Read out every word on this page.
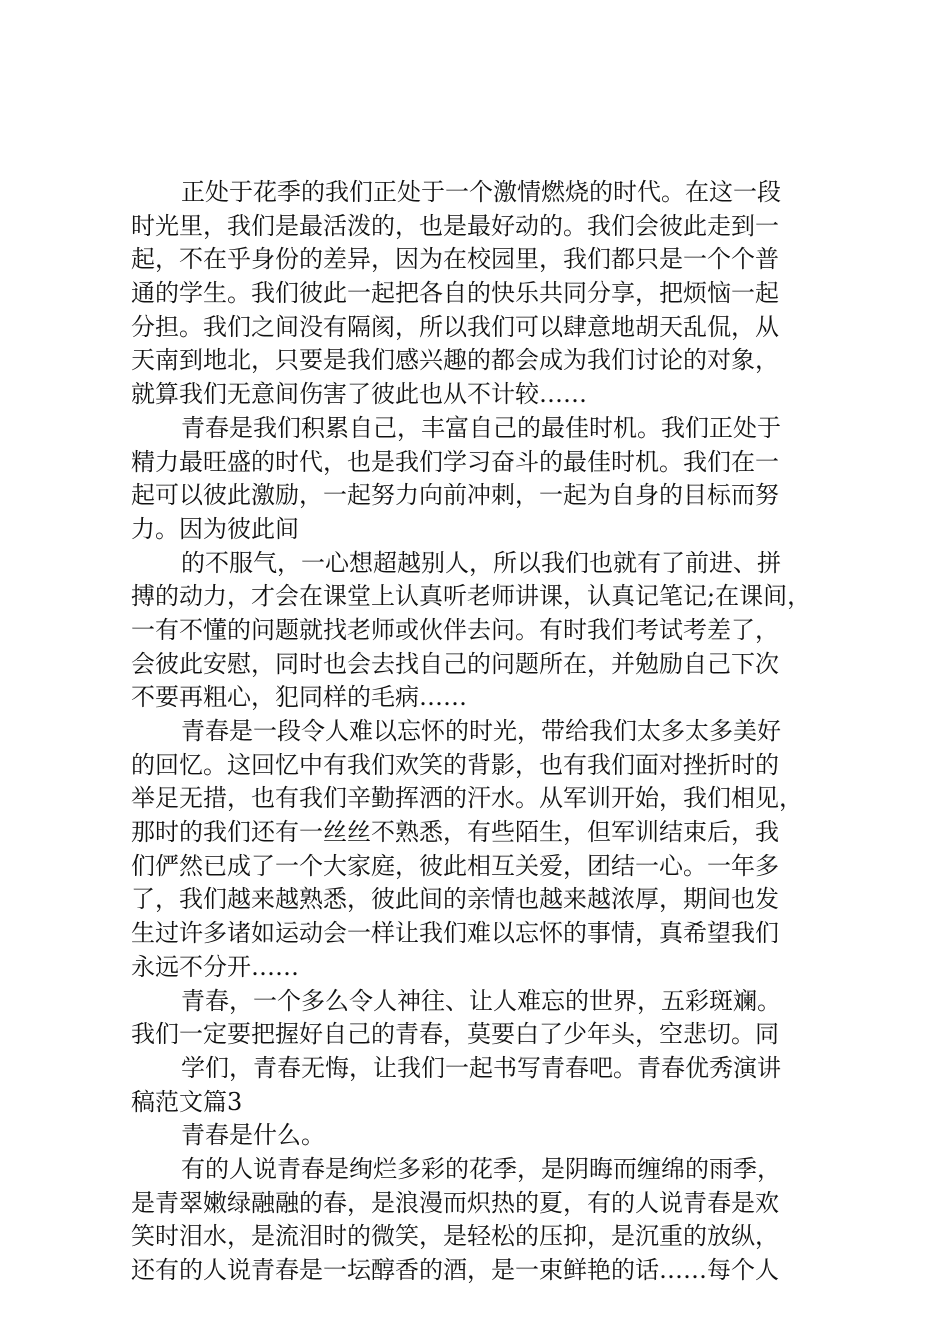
正处于花季的我们正处于一个激情燃烧的时代。在这一段
时光里，我们是最活泼的，也是最好动的。我们会彼此走到一
起，不在乎身份的差异，因为在校园里，我们都只是一个个普
通的学生。我们彼此一起把各自的快乐共同分享，把烦恼一起
分担。我们之间没有隔阂，所以我们可以肆意地胡天乱侃，从
天南到地北，只要是我们感兴趣的都会成为我们讨论的对象，
就算我们无意间伤害了彼此也从不计较……
青春是我们积累自己，丰富自己的最佳时机。我们正处于
精力最旺盛的时代，也是我们学习奋斗的最佳时机。我们在一
起可以彼此激励，一起努力向前冲刺，一起为自身的目标而努
力。因为彼此间
的不服气，一心想超越别人，所以我们也就有了前进、拼
搏的动力，才会在课堂上认真听老师讲课，认真记笔记;在课间，
一有不懂的问题就找老师或伙伴去问。有时我们考试考差了，
会彼此安慰，同时也会去找自己的问题所在，并勉励自己下次
不要再粗心，犯同样的毛病……
青春是一段令人难以忘怀的时光，带给我们太多太多美好
的回忆。这回忆中有我们欢笑的背影，也有我们面对挫折时的
举足无措，也有我们辛勤挥洒的汗水。从军训开始，我们相见，
那时的我们还有一丝丝不熟悉，有些陌生，但军训结束后，我
们俨然已成了一个大家庭，彼此相互关爱，团结一心。一年多
了，我们越来越熟悉，彼此间的亲情也越来越浓厚，期间也发
生过许多诸如运动会一样让我们难以忘怀的事情，真希望我们
永远不分开……
青春，一个多么令人神往、让人难忘的世界，五彩斑斓。
我们一定要把握好自己的青春，莫要白了少年头，空悲切。同
学们，青春无悔，让我们一起书写青春吧。青春优秀演讲
稿范文篇3
青春是什么。
有的人说青春是绚烂多彩的花季，是阴晦而缠绵的雨季，
是青翠嫩绿融融的春，是浪漫而炽热的夏，有的人说青春是欢
笑时泪水，是流泪时的微笑，是轻松的压抑，是沉重的放纵，
还有的人说青春是一坛醇香的酒，是一束鲜艳的话……每个人
